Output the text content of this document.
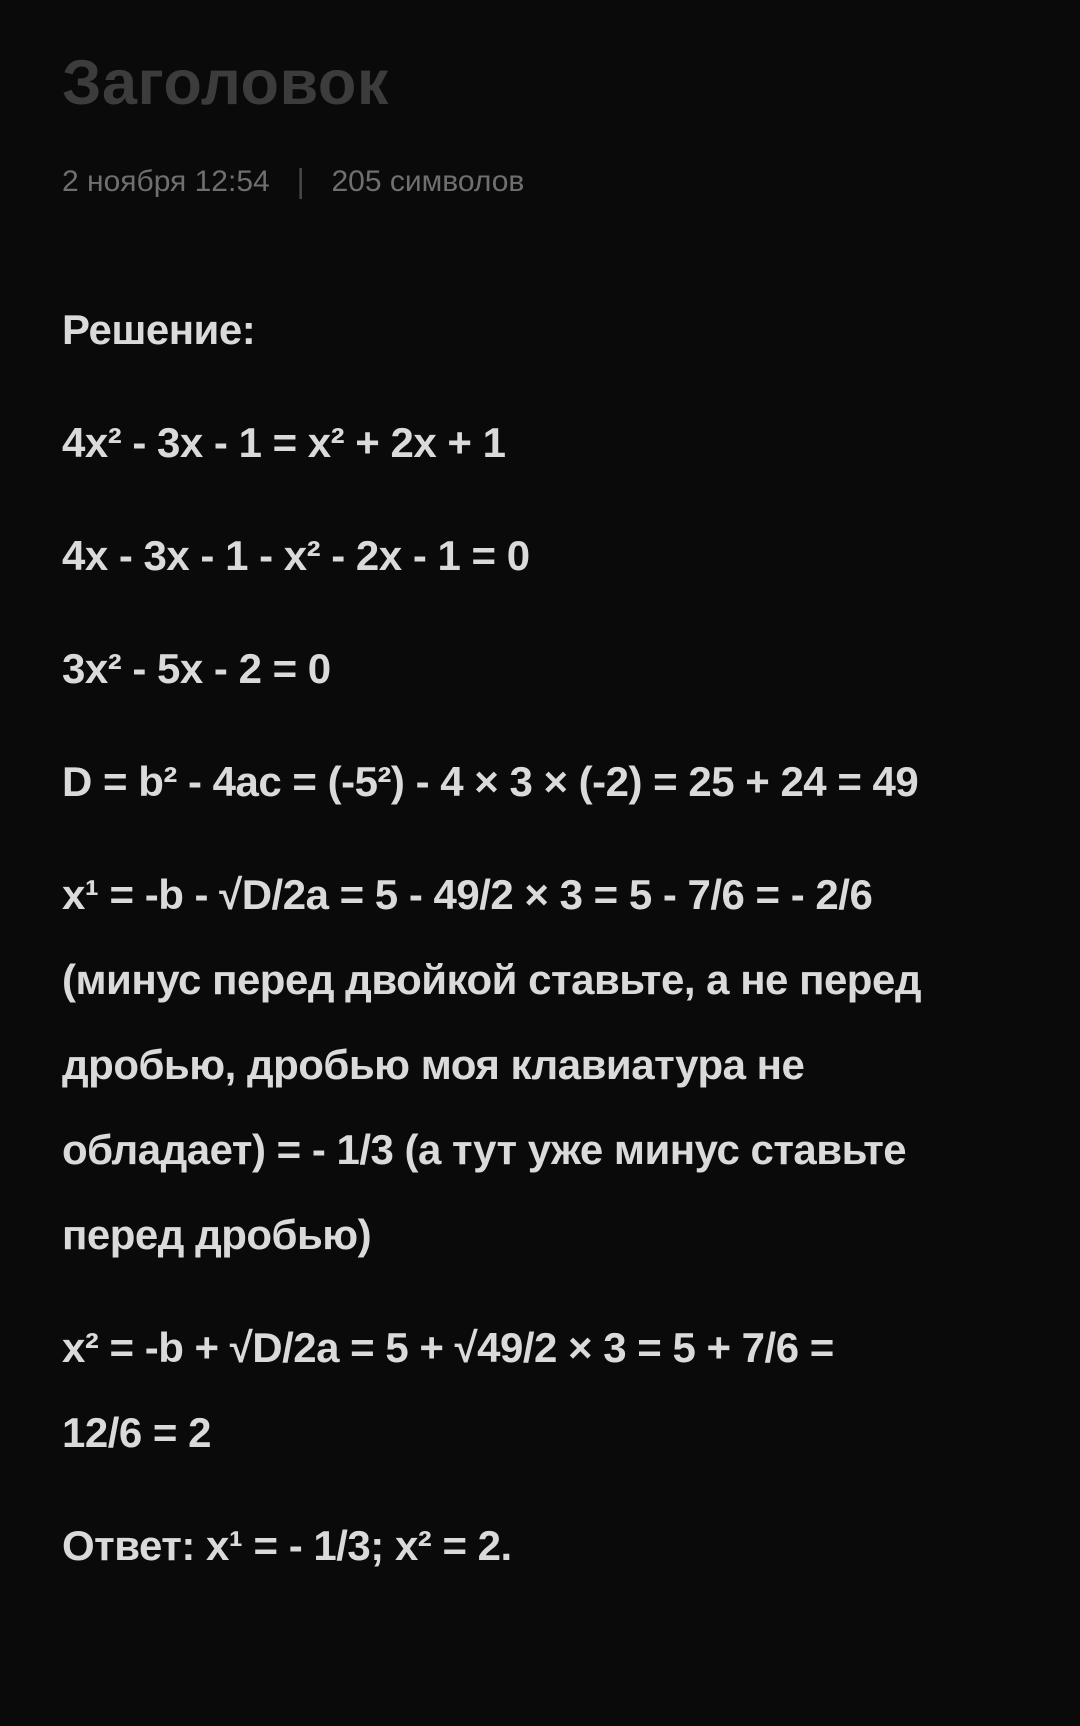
Заголовок
2 ноября 12:54 | 205 символов
Решение:
4x² - 3x - 1 = x² + 2x + 1
4x - 3x - 1 - x² - 2x - 1 = 0
3x² - 5x - 2 = 0
D = b² - 4ac = (-5²) - 4 × 3 × (-2) = 25 + 24 = 49
x¹ = -b - √D/2a = 5 - 49/2 × 3 = 5 - 7/6 = - 2/6
(минус перед двойкой ставьте, а не перед
дробью, дробью моя клавиатура не
обладает) = - 1/3 (а тут уже минус ставьте
перед дробью)
x² = -b + √D/2a = 5 + √49/2 × 3 = 5 + 7/6 =
12/6 = 2
Ответ: x¹ = - 1/3; x² = 2.
